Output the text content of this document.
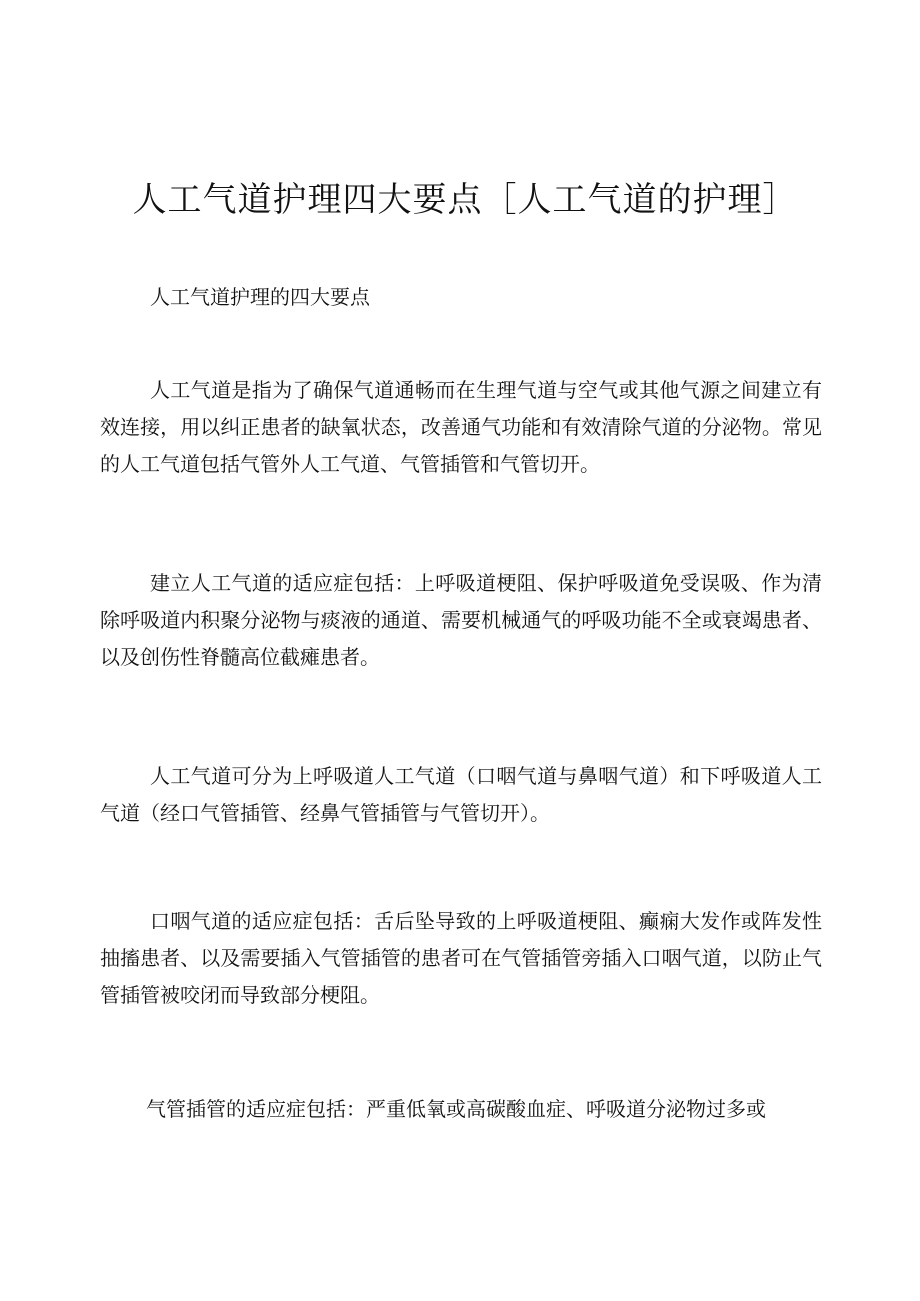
人工气道护理四大要点［人工气道的护理］

人工气道护理的四大要点

人工气道是指为了确保气道通畅而在生理气道与空气或其他气源之间建立有效连接，用以纠正患者的缺氧状态，改善通气功能和有效清除气道的分泌物。常见的人工气道包括气管外人工气道、气管插管和气管切开。

建立人工气道的适应症包括：上呼吸道梗阻、保护呼吸道免受误吸、作为清除呼吸道内积聚分泌物与痰液的通道、需要机械通气的呼吸功能不全或衰竭患者、以及创伤性脊髓高位截瘫患者。

人工气道可分为上呼吸道人工气道（口咽气道与鼻咽气道）和下呼吸道人工气道（经口气管插管、经鼻气管插管与气管切开）。

口咽气道的适应症包括：舌后坠导致的上呼吸道梗阻、癫痫大发作或阵发性抽搐患者、以及需要插入气管插管的患者可在气管插管旁插入口咽气道，以防止气管插管被咬闭而导致部分梗阻。

气管插管的适应症包括：严重低氧或高碳酸血症、呼吸道分泌物过多或
